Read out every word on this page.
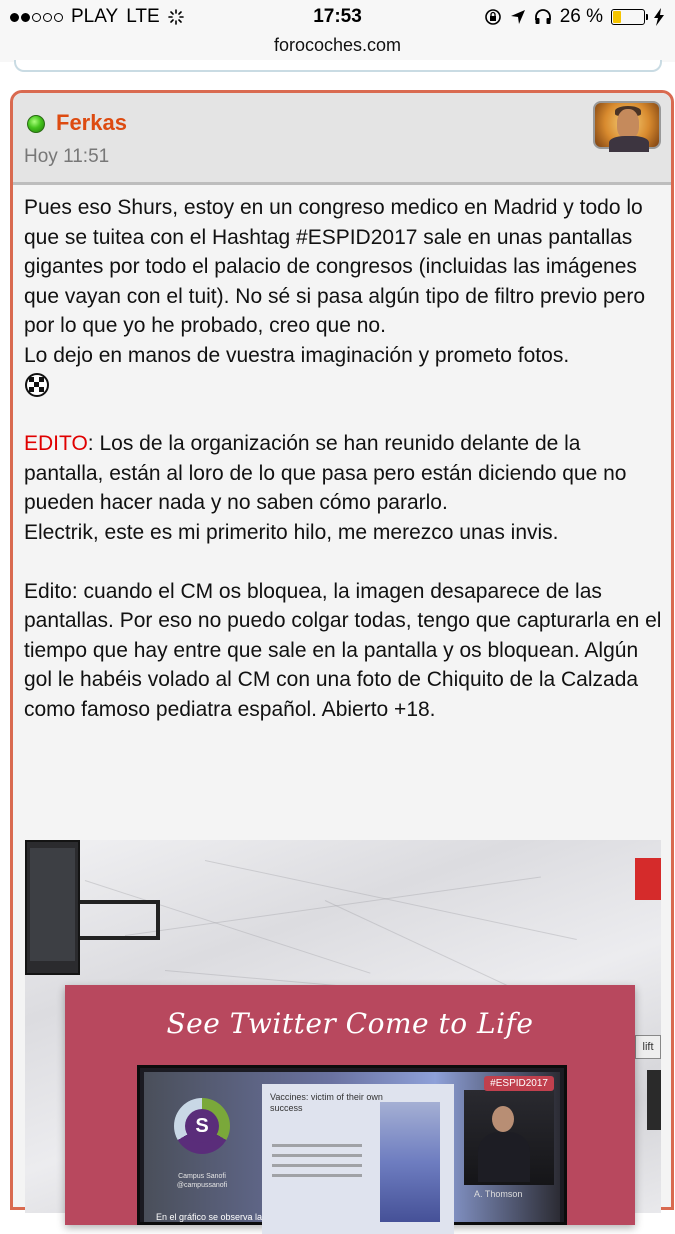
PLAY LTE	17:53	26 %
forocoches.com
Ferkas
Hoy 11:51

Pues eso Shurs, estoy en un congreso medico en Madrid y todo lo que se tuitea con el Hashtag #ESPID2017 sale en unas pantallas gigantes por todo el palacio de congresos (incluidas las imágenes que vayan con el tuit). No sé si pasa algún tipo de filtro previo pero por lo que yo he probado, creo que no.

Lo dejo en manos de vuestra imaginación y prometo fotos.

EDITO: Los de la organización se han reunido delante de la pantalla, están al loro de lo que pasa pero están diciendo que no pueden hacer nada y no saben cómo pararlo.

Electrik, este es mi primerito hilo, me merezco unas invis.

Edito: cuando el CM os bloquea, la imagen desaparece de las pantallas. Por eso no puedo colgar todas, tengo que capturarla en el tiempo que hay entre que sale en la pantalla y os bloquean. Algún gol le habéis volado al CM con una foto de Chiquito de la Calzada como famoso pediatra español. Abierto +18.

lift
See Twitter Come to Life
S
Campus Sanofi @campussanofi
En el gráfico se observa la
Vaccines: victim of their own success
A. Thomson
#ESPID2017
